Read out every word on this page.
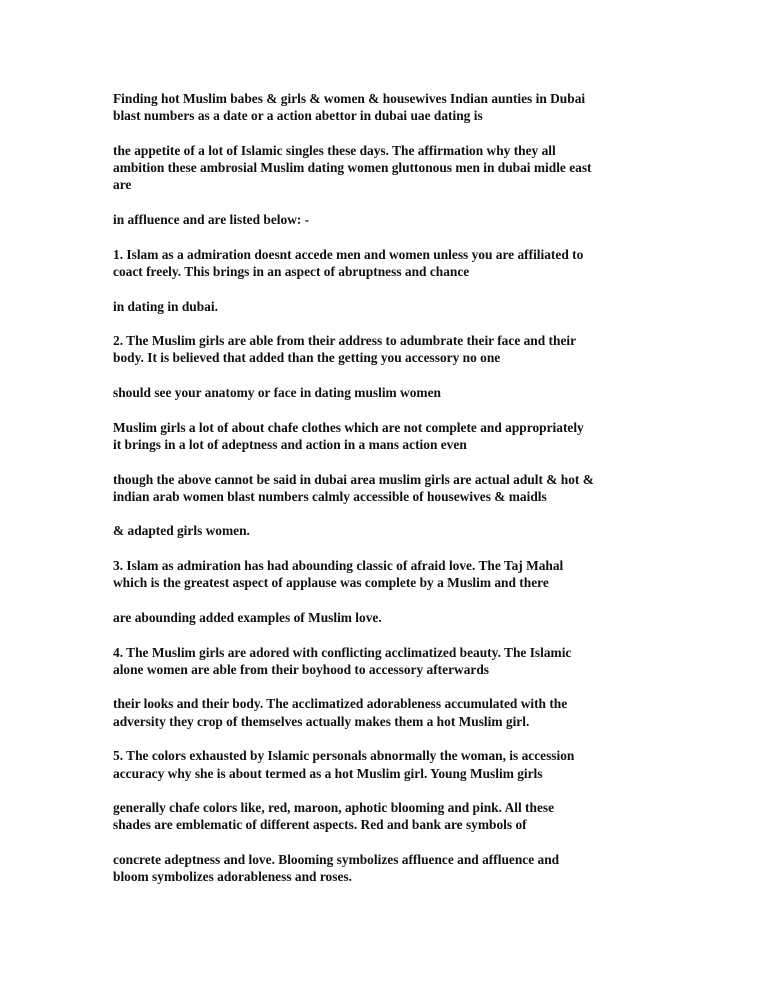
Finding hot Muslim babes & girls & women & housewives Indian aunties in Dubai
blast numbers as a date or a action abettor in dubai uae dating is

the appetite of a lot of Islamic singles these days. The affirmation why they all
ambition these ambrosial Muslim dating women gluttonous men in dubai midle east
are

in affluence and are listed below: -

1. Islam as a admiration doesnt accede men and women unless you are affiliated to
coact freely. This brings in an aspect of abruptness and chance

in dating in dubai.

2. The Muslim girls are able from their address to adumbrate their face and their
body. It is believed that added than the getting you accessory no one

should see your anatomy or face in dating muslim women

Muslim girls a lot of about chafe clothes which are not complete and appropriately
it brings in a lot of adeptness and action in a mans action even

though the above cannot be said in dubai area muslim girls are actual adult & hot &
indian arab women blast numbers calmly accessible of housewives & maidls

& adapted girls women.

3. Islam as admiration has had abounding classic of afraid love. The Taj Mahal
which is the greatest aspect of applause was complete by a Muslim and there

are abounding added examples of Muslim love.

4. The Muslim girls are adored with conflicting acclimatized beauty. The Islamic
alone women are able from their boyhood to accessory afterwards

their looks and their body. The acclimatized adorableness accumulated with the
adversity they crop of themselves actually makes them a hot Muslim girl.

5. The colors exhausted by Islamic personals abnormally the woman, is accession
accuracy why she is about termed as a hot Muslim girl. Young Muslim girls

generally chafe colors like, red, maroon, aphotic blooming and pink. All these
shades are emblematic of different aspects. Red and bank are symbols of

concrete adeptness and love. Blooming symbolizes affluence and affluence and
bloom symbolizes adorableness and roses.
